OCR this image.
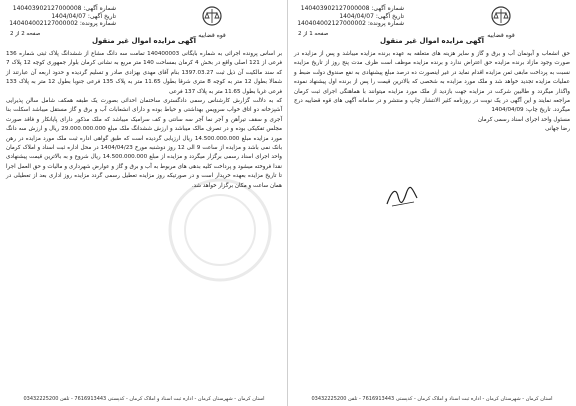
شماره آگهی: 140403902127000008
تاریخ آگهی: 1404/04/07
شماره پرونده: 140404002127000002
صفحه 2 از 2	قوه قضاییه
آگهی مزایده اموال غیر منقول

بر اساس پرونده اجرائی به شماره بایگانی 140400003 تمامت سه دانگ مشاع از ششدانگ پلاک ثبتی شماره 136 فرعی از 121 اصلی واقع در بخش 4 کرمان بمساحت 140 متر مربع به نشانی کرمان بلوار جمهوری کوچه 12 پلاک 7 که سند مالکیت آن ذیل ثبت 1397.03.27 بنام آقای مهدی بهزادی صادر و تسلیم گردیده و حدود اربعه آن عبارتند از شمالا بطول 12 متر به کوچه 8 متری شرقا بطول 11.65 متر به پلاک 135 فرعی جنوبا بطول 12 متر به پلاک 133 فرعی غربا بطول 11.65 متر به پلاک 137 فرعی

که به دلالت گزارش کارشناس رسمی دادگستری ساختمان احداثی بصورت یک طبقه همکف شامل سالن پذیرایی آشپزخانه دو اتاق خواب سرویس بهداشتی و حیاط بوده و دارای انشعابات آب و برق و گاز مستقل میباشد اسکلت بنا آجری و سقف تیرآهن و آجر نما آجر سه سانتی و کف سرامیک میباشد که ملک مذکور دارای پایانکار و فاقد صورت مجلس تفکیکی بوده و در تصرف مالک میباشد و ارزش ششدانگ ملک مبلغ 29.000.000.000 ریال و ارزش سه دانگ مورد مزایده مبلغ 14.500.000.000 ریال ارزیابی گردیده است که طبق گواهی اداره ثبت ملک مورد مزایده در رهن بانک نمی باشد و مزایده از ساعت 9 الی 12 روز دوشنبه مورخ 1404/04/23 در محل اداره ثبت اسناد و املاک کرمان واحد اجرای اسناد رسمی برگزار میگردد و مزایده از مبلغ 14.500.000.000 ریال شروع و به بالاترین قیمت پیشنهادی نقدا فروخته میشود و پرداخت کلیه بدهی های مربوط به آب و برق و گاز و عوارض شهرداری و مالیات و حق العمل اجرا تا تاریخ مزایده بعهده خریدار است و در صورتیکه روز مزایده تعطیل رسمی گردد مزایده روز اداری بعد از تعطیلی در همان ساعت و مکان برگزار خواهد شد.

استان کرمان - شهرستان کرمان - اداره ثبت اسناد و املاک کرمان - کدپستی 7616913443 - تلفن 03432225200
شماره آگهی: 140403902127000008
تاریخ آگهی: 1404/04/07
شماره پرونده: 140404002127000002
صفحه 1 از 2	قوه قضاییه
آگهی مزایده اموال غیر منقول

حق انشعاب و آبونمان آب و برق و گاز و سایر هزینه های متعلقه به عهده برنده مزایده میباشد و پس از مزایده در صورت وجود مازاد برنده مزایده حق اعتراض ندارد و برنده مزایده موظف است ظرف مدت پنج روز از تاریخ مزایده نسبت به پرداخت مابقی ثمن مزایده اقدام نماید در غیر اینصورت ده درصد مبلغ پیشنهادی به نفع صندوق دولت ضبط و عملیات مزایده تجدید خواهد شد و ملک مورد مزایده به شخصی که بالاترین قیمت را پس از برنده اول پیشنهاد نموده واگذار میگردد و طالبین شرکت در مزایده جهت بازدید از ملک مورد مزایده میتوانند با هماهنگی اجرای ثبت کرمان مراجعه نمایند و این آگهی در یک نوبت در روزنامه کثیر الانتشار چاپ و منتشر و در سامانه آگهی های قوه قضاییه درج میگردد. تاریخ چاپ: 1404/04/09

مسئول واحد اجرای اسناد رسمی کرمان

رضا جهانی

استان کرمان - شهرستان کرمان - اداره ثبت اسناد و املاک کرمان - کدپستی 7616913443 - تلفن 03432225200
